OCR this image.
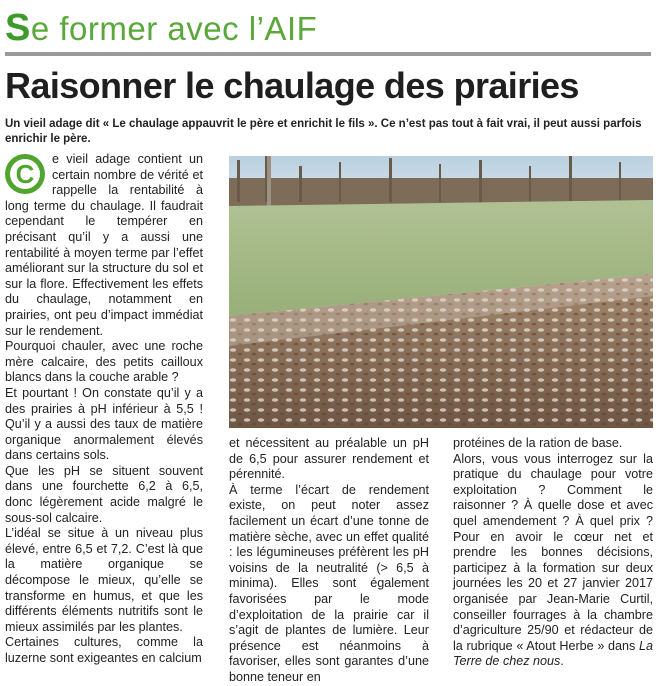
Se former avec l’AIF
Raisonner le chaulage des prairies
Un vieil adage dit « Le chaulage appauvrit le père et enrichit le fils ». Ce n’est pas tout à fait vrai, il peut aussi parfois enrichir le père.
C	e vieil adage contient un certain nombre de vérité et rappelle la rentabilité à long terme du chaulage. Il faudrait cependant le tempérer en précisant qu’il y a aussi une rentabilité à moyen terme par l’effet améliorant sur la structure du sol et sur la flore. Effectivement les effets du chaulage, notamment en prairies, ont peu d’impact immédiat sur le rendement.

Pourquoi chauler, avec une roche mère calcaire, des petits cailloux blancs dans la couche arable ?

Et pourtant ! On constate qu’il y a des prairies à pH inférieur à 5,5 ! Qu’il y a aussi des taux de matière organique anormalement élevés dans certains sols.

Que les pH se situent souvent dans une fourchette 6,2 à 6,5, donc légèrement acide malgré le sous-sol calcaire.

L’idéal se situe à un niveau plus élevé, entre 6,5 et 7,2. C’est là que la matière organique se décompose le mieux, qu’elle se transforme en humus, et que les différents éléments nutritifs sont le mieux assimilés par les plantes.

Certaines cultures, comme la luzerne sont exigeantes en calcium

et nécessitent au préalable un pH de 6,5 pour assurer rendement et pérennité.

À terme l’écart de rendement existe, on peut noter assez facilement un écart d’une tonne de matière sèche, avec un effet qualité : les légumineuses préfèrent les pH voisins de la neutralité (> 6,5 à minima). Elles sont également favorisées par le mode d’exploitation de la prairie car il s’agit de plantes de lumière. Leur présence est néanmoins à favoriser, elles sont garantes d’une bonne teneur en

protéines de la ration de base.

Alors, vous vous interrogez sur la pratique du chaulage pour votre exploitation ? Comment le raisonner ? À quelle dose et avec quel amendement ? À quel prix ? Pour en avoir le cœur net et prendre les bonnes décisions, participez à la formation sur deux journées les 20 et 27 janvier 2017 organisée par Jean-Marie Curtil, conseiller fourrages à la chambre d’agriculture 25/90 et rédacteur de la rubrique « Atout Herbe » dans La Terre de chez nous.
